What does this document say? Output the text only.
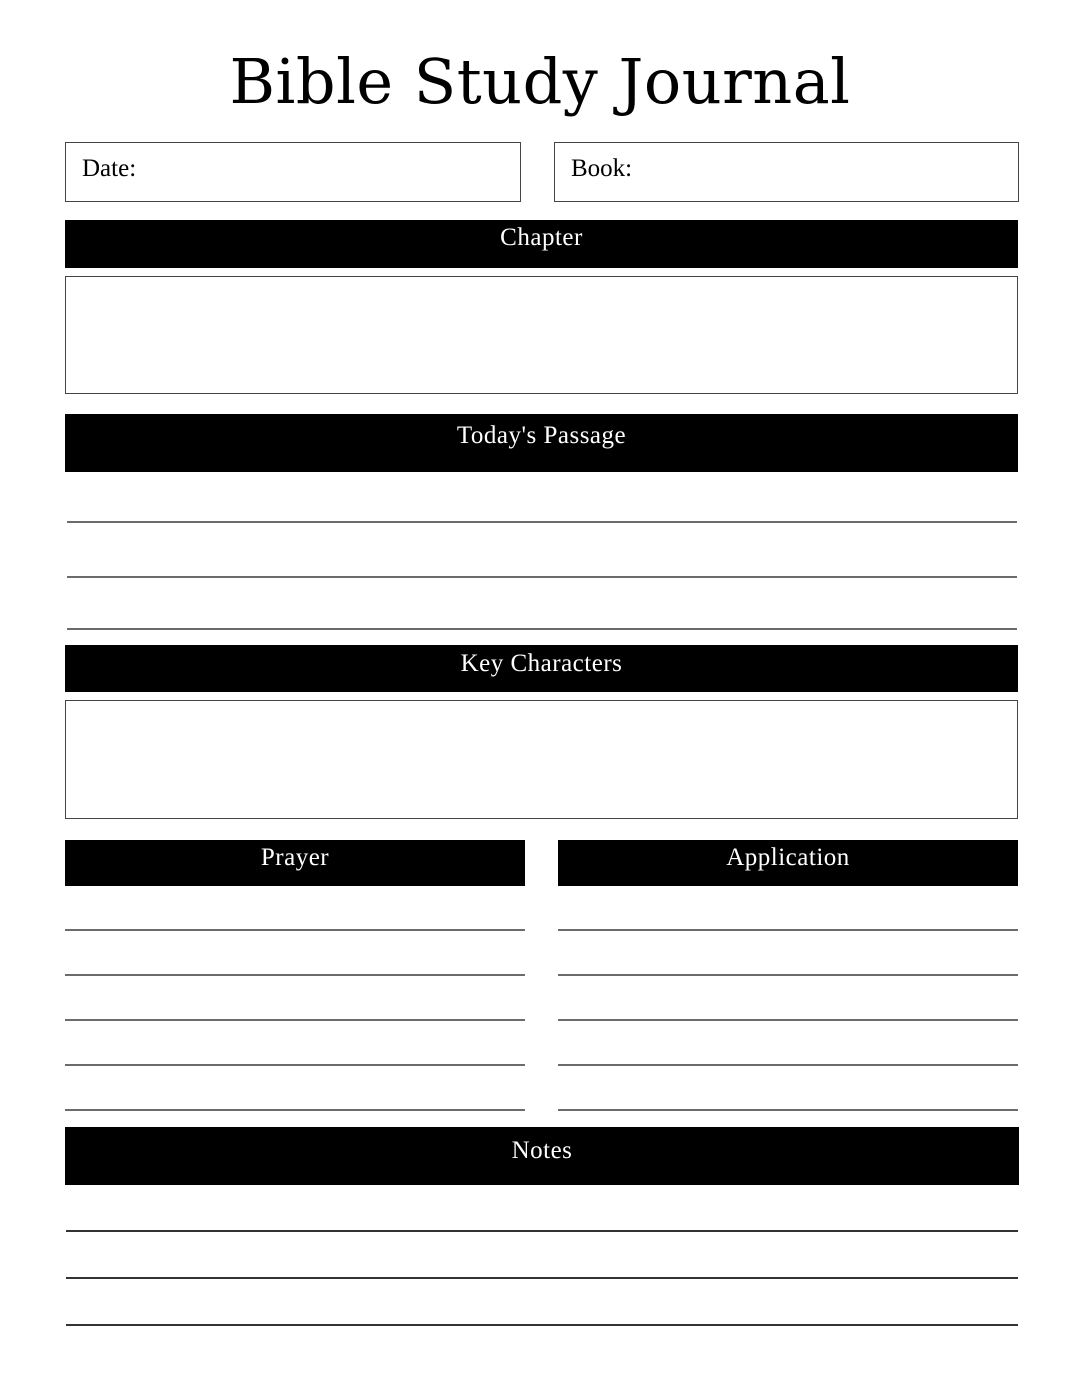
Bible Study Journal
Date:	Book:
Chapter
Today's Passage
Key Characters
Prayer	Application
Notes
